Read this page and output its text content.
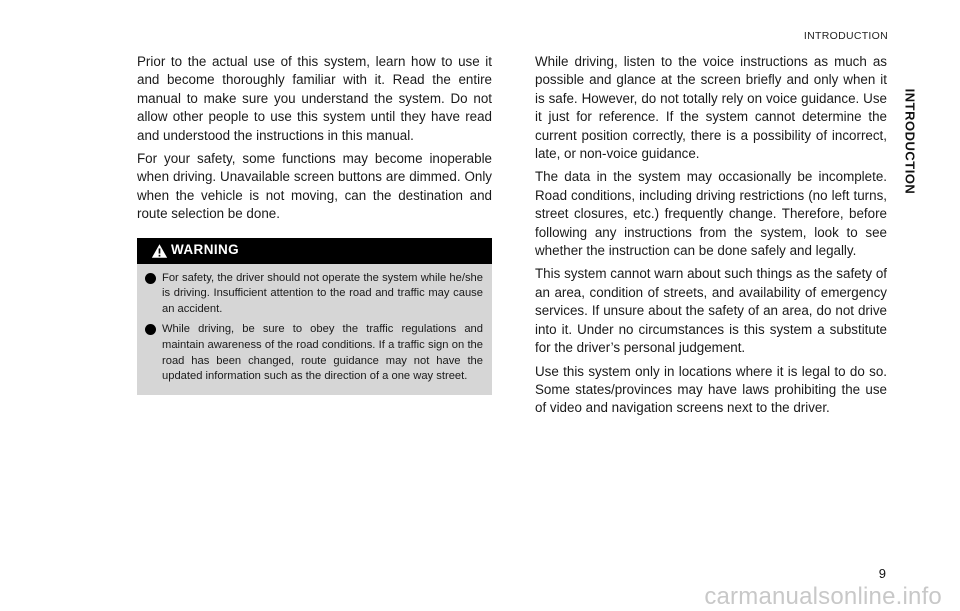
INTRODUCTION
INTRODUCTION

Prior to the actual use of this system, learn how to use it and become thoroughly familiar with it. Read the entire manual to make sure you understand the system. Do not allow other people to use this system until they have read and understood the instructions in this manual.

For your safety, some functions may become inoperable when driving. Unavailable screen buttons are dimmed. Only when the vehicle is not moving, can the destination and route selection be done.

WARNING
For safety, the driver should not operate the system while he/she is driving. Insufficient attention to the road and traffic may cause an accident.
While driving, be sure to obey the traffic regulations and maintain awareness of the road conditions. If a traffic sign on the road has been changed, route guidance may not have the updated information such as the direction of a one way street.

While driving, listen to the voice instructions as much as possible and glance at the screen briefly and only when it is safe. However, do not totally rely on voice guidance. Use it just for reference. If the system cannot determine the current position correctly, there is a possibility of incorrect, late, or non-voice guidance.

The data in the system may occasionally be incomplete. Road conditions, including driving restrictions (no left turns, street closures, etc.) frequently change. Therefore, before following any instructions from the system, look to see whether the instruction can be done safely and legally.

This system cannot warn about such things as the safety of an area, condition of streets, and availability of emergency services. If unsure about the safety of an area, do not drive into it. Under no circumstances is this system a substitute for the driver’s personal judgement.

Use this system only in locations where it is legal to do so. Some states/provinces may have laws prohibiting the use of video and navigation screens next to the driver.

9
carmanualsonline.info
